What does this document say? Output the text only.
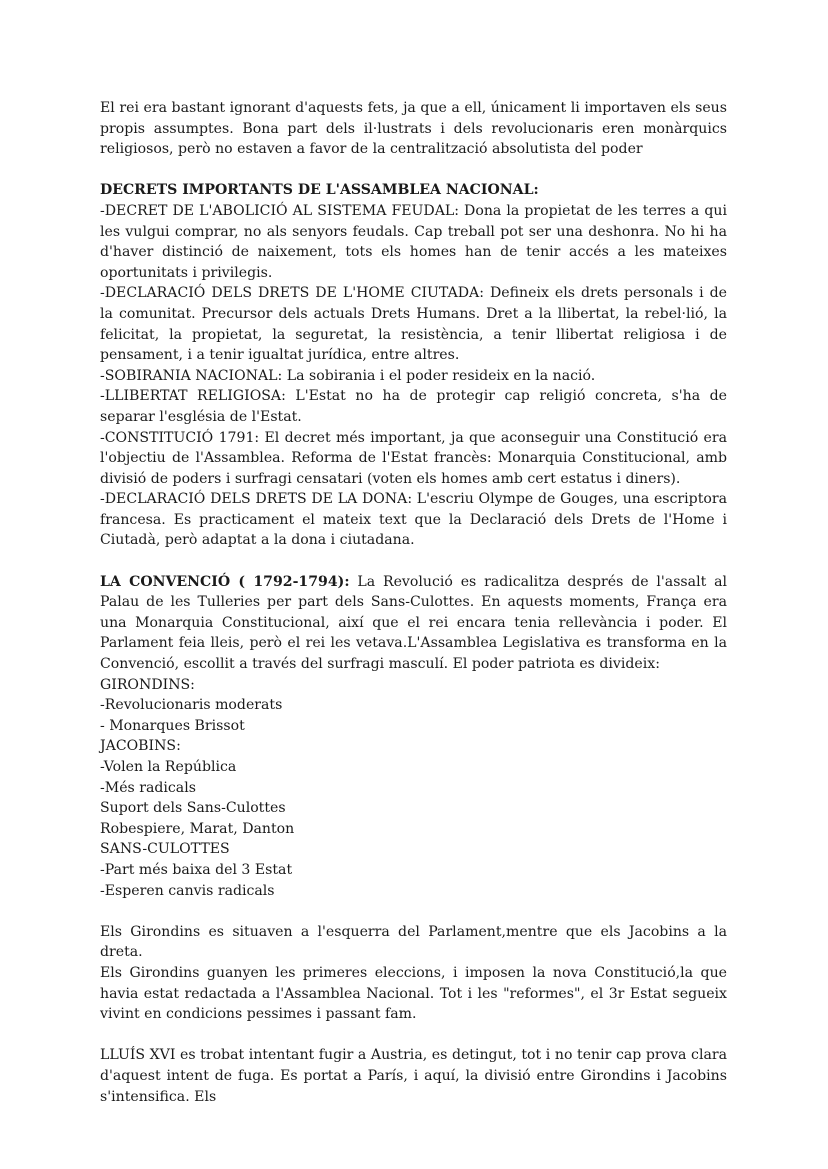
El rei era bastant ignorant d'aquests fets, ja que a ell, únicament li importaven els seus propis assumptes. Bona part dels il·lustrats i dels revolucionaris eren monàrquics religiosos, però no estaven a favor de la centralització absolutista del poder

DECRETS IMPORTANTS DE L'ASSAMBLEA NACIONAL:

-DECRET DE L'ABOLICIÓ AL SISTEMA FEUDAL: Dona la propietat de les terres a qui les vulgui comprar, no als senyors feudals. Cap treball pot ser una deshonra. No hi ha d'haver distinció de naixement, tots els homes han de tenir accés a les mateixes oportunitats i privilegis.

-DECLARACIÓ DELS DRETS DE L'HOME CIUTADA: Defineix els drets personals i de la comunitat. Precursor dels actuals Drets Humans. Dret a la llibertat, la rebel·lió, la felicitat, la propietat, la seguretat, la resistència, a tenir llibertat religiosa i de pensament, i a tenir igualtat jurídica, entre altres.

-SOBIRANIA NACIONAL: La sobirania i el poder resideix en la nació.

-LLIBERTAT RELIGIOSA: L'Estat no ha de protegir cap religió concreta, s'ha de separar l'església de l'Estat.

-CONSTITUCIÓ 1791: El decret més important, ja que aconseguir una Constitució era l'objectiu de l'Assamblea. Reforma de l'Estat francès: Monarquia Constitucional, amb divisió de poders i surfragi censatari (voten els homes amb cert estatus i diners).

-DECLARACIÓ DELS DRETS DE LA DONA: L'escriu Olympe de Gouges, una escriptora francesa. Es practicament el mateix text que la Declaració dels Drets de l'Home i Ciutadà, però adaptat a la dona i ciutadana.

LA CONVENCIÓ ( 1792-1794): La Revolució es radicalitza després de l'assalt al Palau de les Tulleries per part dels Sans-Culottes. En aquests moments, França era una Monarquia Constitucional, així que el rei encara tenia rellevància i poder. El Parlament feia lleis, però el rei les vetava.L'Assamblea Legislativa es transforma en la Convenció, escollit a través del surfragi masculí. El poder patriota es divideix:

GIRONDINS:

-Revolucionaris moderats

- Monarques Brissot

JACOBINS:

-Volen la República

-Més radicals

Suport dels Sans-Culottes

Robespiere, Marat, Danton

SANS-CULOTTES

-Part més baixa del 3 Estat

-Esperen canvis radicals

Els Girondins es situaven a l'esquerra del Parlament,mentre que els Jacobins a la dreta.

Els Girondins guanyen les primeres eleccions, i imposen la nova Constitució,la que havia estat redactada a l'Assamblea Nacional. Tot i les "reformes", el 3r Estat segueix vivint en condicions pessimes i passant fam.

LLUÍS XVI es trobat intentant fugir a Austria, es detingut, tot i no tenir cap prova clara d'aquest intent de fuga. Es portat a París, i aquí, la divisió entre Girondins i Jacobins s'intensifica. Els
